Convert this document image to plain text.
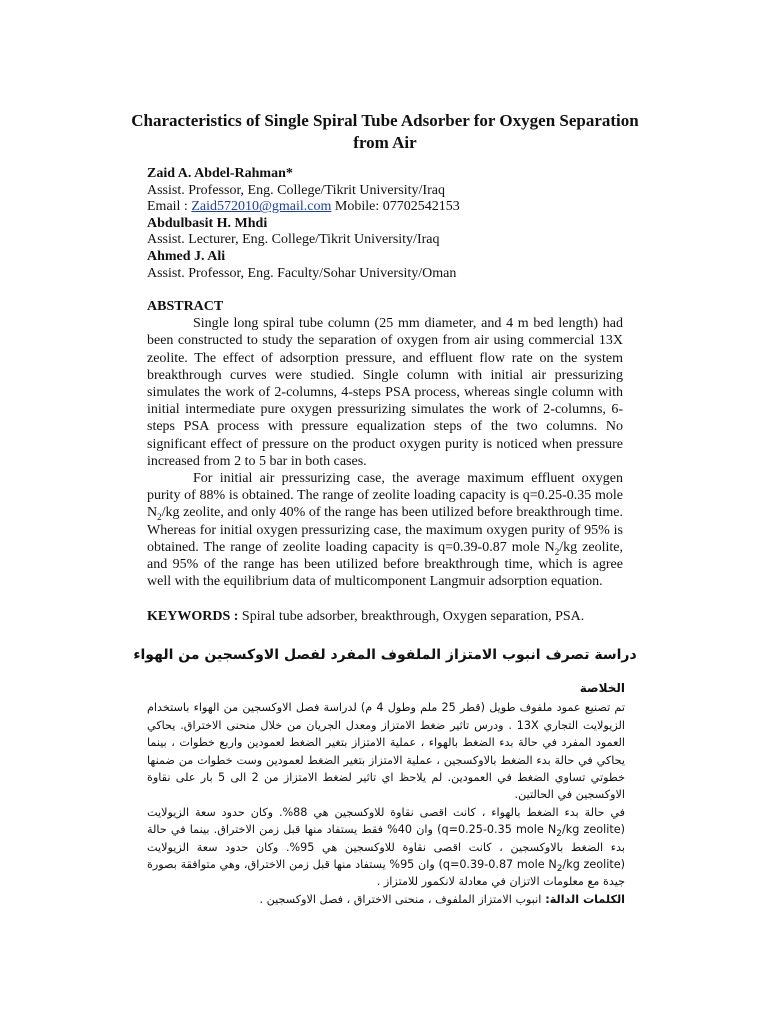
Characteristics of Single Spiral Tube Adsorber for Oxygen Separation from Air
Zaid A. Abdel-Rahman*
Assist. Professor, Eng. College/Tikrit University/Iraq
Email : Zaid572010@gmail.com Mobile: 07702542153
Abdulbasit H. Mhdi
Assist. Lecturer, Eng. College/Tikrit University/Iraq
Ahmed J. Ali
Assist. Professor, Eng. Faculty/Sohar University/Oman
ABSTRACT

Single long spiral tube column (25 mm diameter, and 4 m bed length) had been constructed to study the separation of oxygen from air using commercial 13X zeolite. The effect of adsorption pressure, and effluent flow rate on the system breakthrough curves were studied. Single column with initial air pressurizing simulates the work of 2-columns, 4-steps PSA process, whereas single column with initial intermediate pure oxygen pressurizing simulates the work of 2-columns, 6-steps PSA process with pressure equalization steps of the two columns. No significant effect of pressure on the product oxygen purity is noticed when pressure increased from 2 to 5 bar in both cases.

For initial air pressurizing case, the average maximum effluent oxygen purity of 88% is obtained. The range of zeolite loading capacity is q=0.25-0.35 mole $N_2/kg$ zeolite, and only 40% of the range has been utilized before breakthrough time. Whereas for initial oxygen pressurizing case, the maximum oxygen purity of 95% is obtained. The range of zeolite loading capacity is q=0.39-0.87 mole $N_2/kg$ zeolite, and 95% of the range has been utilized before breakthrough time, which is agree well with the equilibrium data of multicomponent Langmuir adsorption equation.

KEYWORDS : Spiral tube adsorber, breakthrough, Oxygen separation, PSA.
دراسة تصرف انبوب الامتزاز الملفوف المفرد لفصل الاوكسجين من الهواء
الخلاصة

تم تصنيع عمود ملفوف طويل (قطر 25 ملم وطول 4 م) لدراسة فصل الاوكسجين من الهواء باستخدام الزيولايت التجاري 13X . ودرس تاثير ضغط الامتزاز ومعدل الجريان من خلال منحنى الاختراق. يحاكي العمود المفرد في حالة بدء الضغط بالهواء ، عملية الامتزاز بتغير الضغط لعمودين واربع خطوات ، بينما يحاكي في حالة بدء الضغط بالاوكسجين ، عملية الامتزاز بتغير الضغط لعمودين وست خطوات من ضمنها خطوتي تساوي الضغط في العمودين. لم يلاحظ اي تاثير لضغط الامتزاز من 2 الى 5 بار على نقاوة الاوكسجين في الحالتين.

في حالة بدء الضغط بالهواء ، كانت اقصى نقاوة للاوكسجين هي 88%. وكان حدود سعة الزيولايت (q=0.25-0.35 mole $N_2/kg$ zeolite) وان 40% فقط يستفاد منها قبل زمن الاختراق. بينما في حالة بدء الضغط بالاوكسجين ، كانت اقصى نقاوة للاوكسجين هي 95%. وكان حدود سعة الزيولايت (q=0.39-0.87 mole $N_2/kg$ zeolite) وان 95% يستفاد منها قبل زمن الاختراق، وهي متوافقة بصورة جيدة مع معلومات الاتزان في معادلة لانكمور للامتزاز .

الكلمات الدالة: انبوب الامتزاز الملفوف ، منحنى الاختراق ، فصل الاوكسجين .
